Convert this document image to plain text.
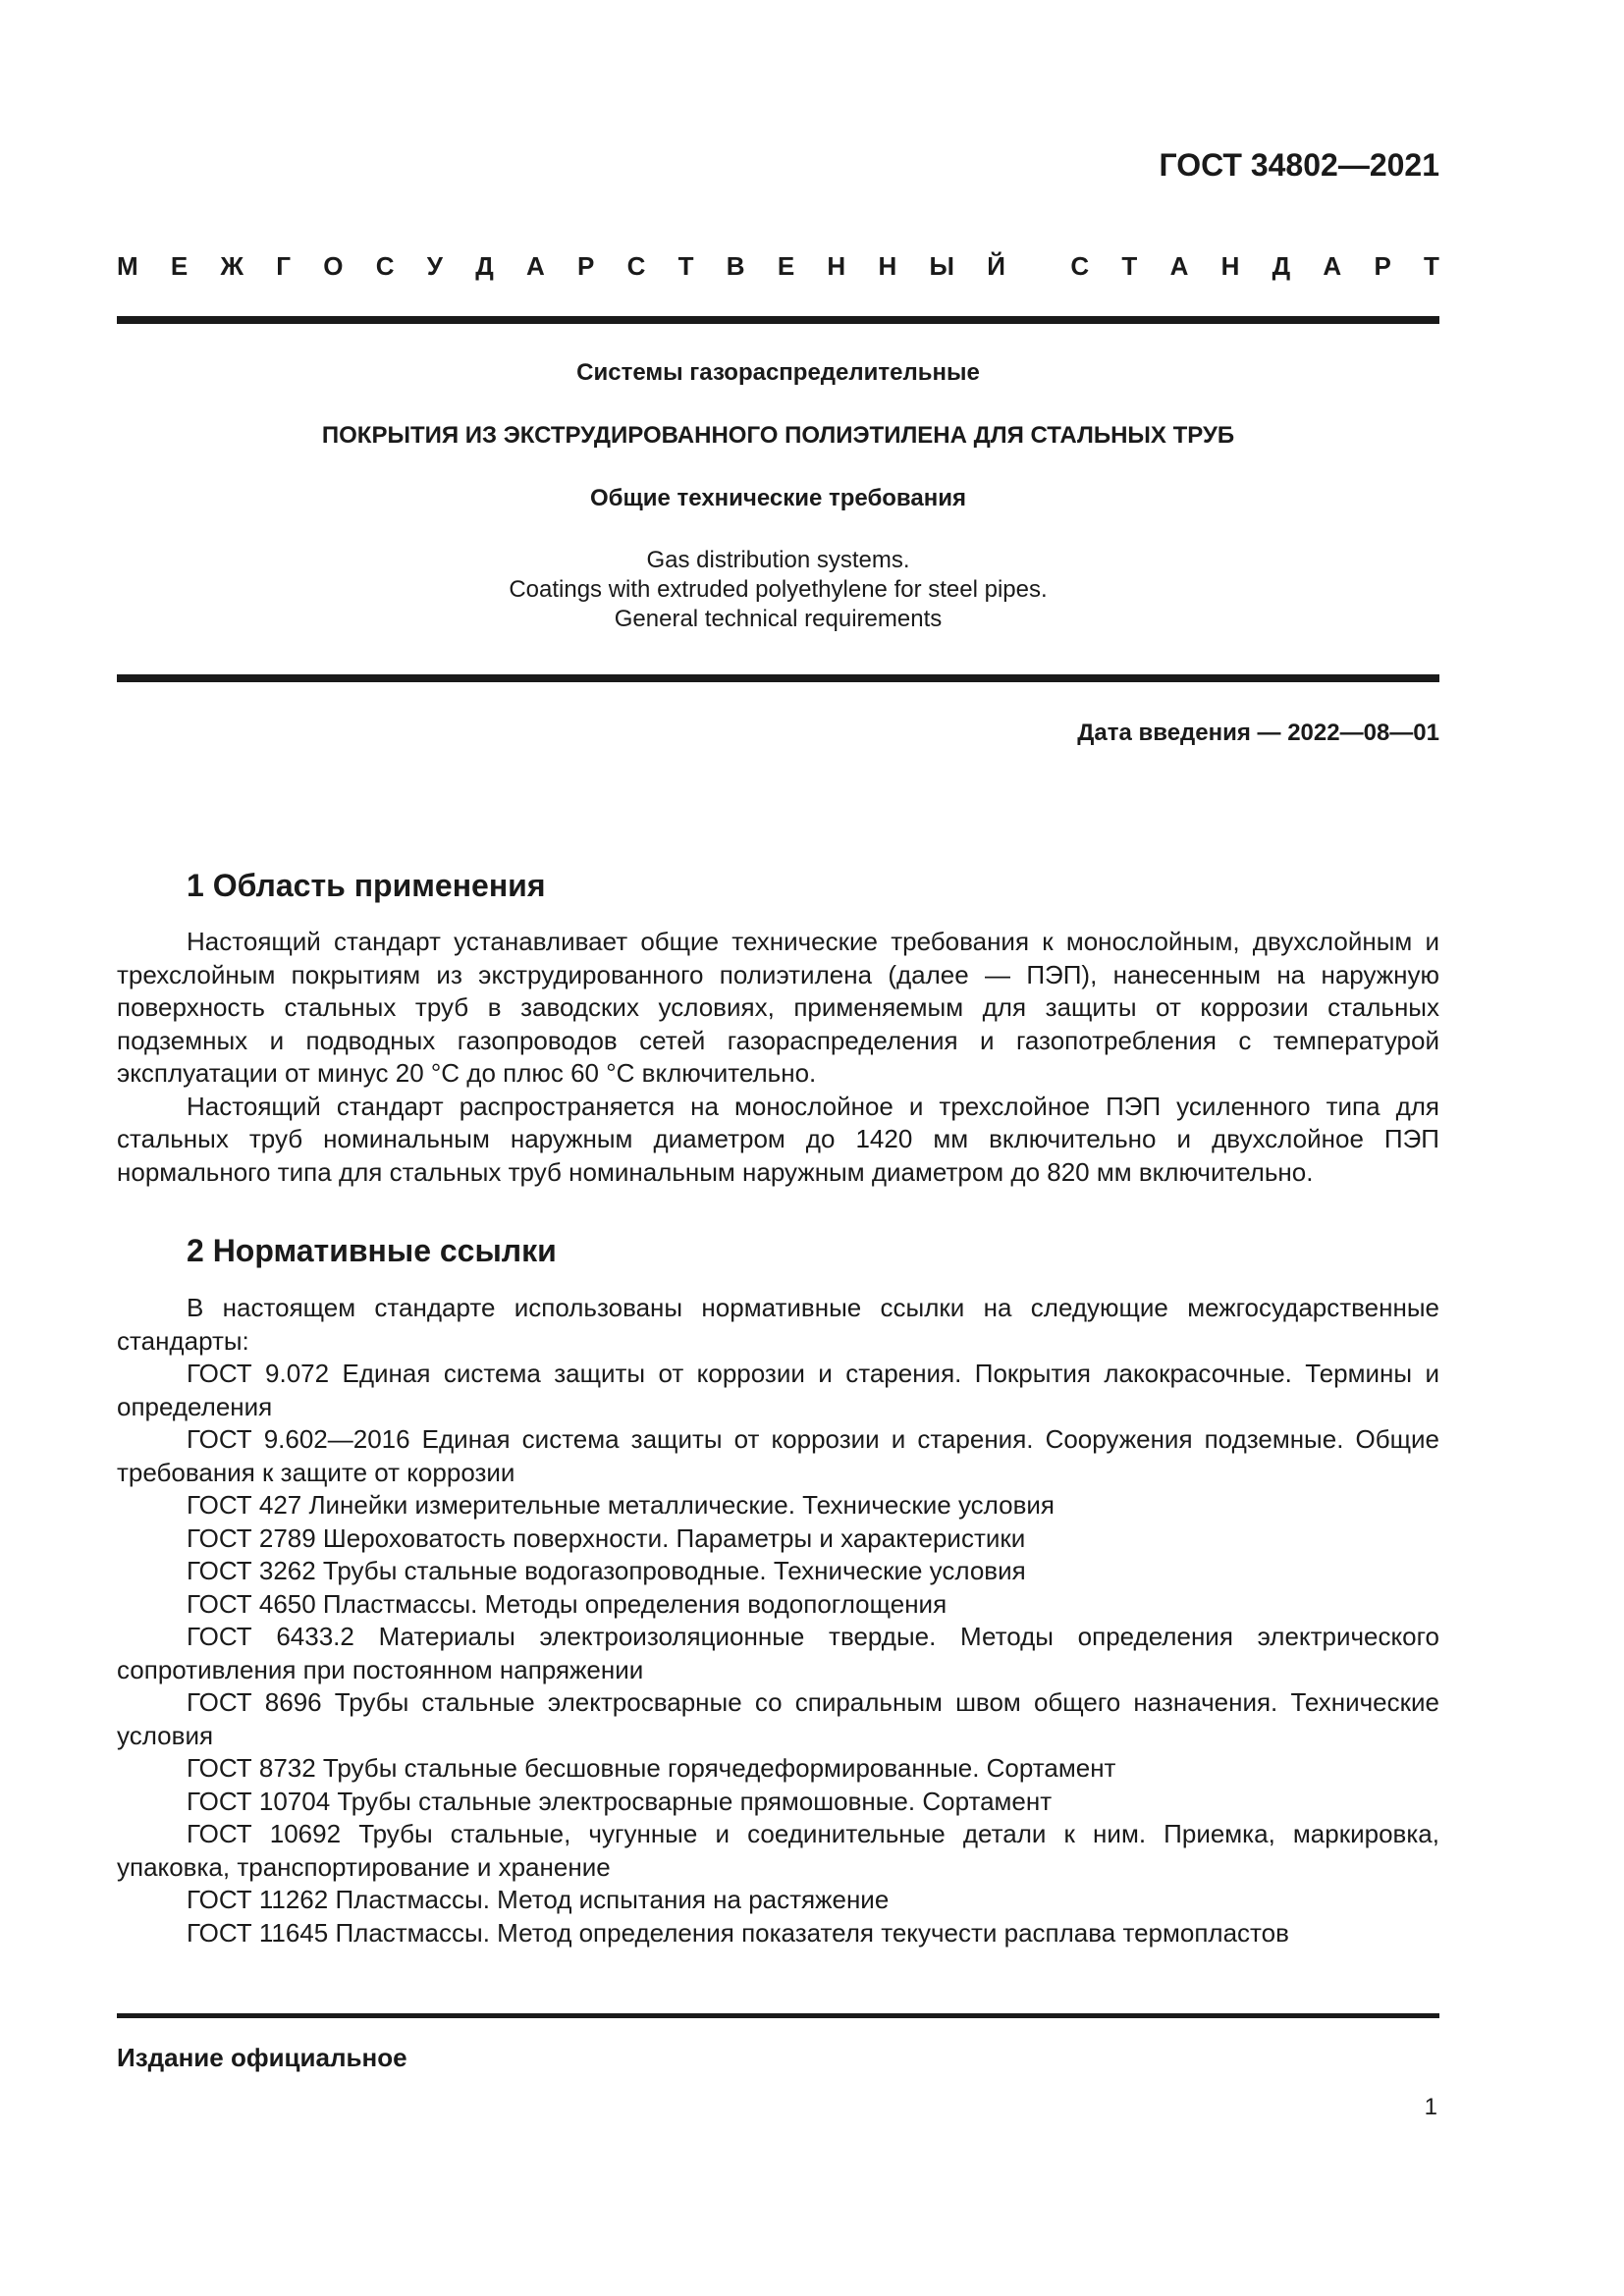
ГОСТ 34802—2021
М Е Ж Г О С У Д А Р С Т В Е Н Н Ы Й	С Т А Н Д А Р Т
Системы газораспределительные
ПОКРЫТИЯ ИЗ ЭКСТРУДИРОВАННОГО ПОЛИЭТИЛЕНА ДЛЯ СТАЛЬНЫХ ТРУБ
Общие технические требования
Gas distribution systems.
Coatings with extruded polyethylene for steel pipes.
General technical requirements
Дата введения — 2022—08—01
1 Область применения

Настоящий стандарт устанавливает общие технические требования к монослойным, двухслойным и трехслойным покрытиям из экструдированного полиэтилена (далее — ПЭП), нанесенным на наружную поверхность стальных труб в заводских условиях, применяемым для защиты от коррозии стальных подземных и подводных газопроводов сетей газораспределения и газопотребления с температурой эксплуатации от минус 20 °С до плюс 60 °С включительно.

Настоящий стандарт распространяется на монослойное и трехслойное ПЭП усиленного типа для стальных труб номинальным наружным диаметром до 1420 мм включительно и двухслойное ПЭП нормального типа для стальных труб номинальным наружным диаметром до 820 мм включительно.

2 Нормативные ссылки

В настоящем стандарте использованы нормативные ссылки на следующие межгосударственные стандарты:

ГОСТ 9.072 Единая система защиты от коррозии и старения. Покрытия лакокрасочные. Термины и определения

ГОСТ 9.602—2016 Единая система защиты от коррозии и старения. Сооружения подземные. Общие требования к защите от коррозии

ГОСТ 427 Линейки измерительные металлические. Технические условия

ГОСТ 2789 Шероховатость поверхности. Параметры и характеристики

ГОСТ 3262 Трубы стальные водогазопроводные. Технические условия

ГОСТ 4650 Пластмассы. Методы определения водопоглощения

ГОСТ 6433.2 Материалы электроизоляционные твердые. Методы определения электрического сопротивления при постоянном напряжении

ГОСТ 8696 Трубы стальные электросварные со спиральным швом общего назначения. Технические условия

ГОСТ 8732 Трубы стальные бесшовные горячедеформированные. Сортамент

ГОСТ 10704 Трубы стальные электросварные прямошовные. Сортамент

ГОСТ 10692 Трубы стальные, чугунные и соединительные детали к ним. Приемка, маркировка, упаковка, транспортирование и хранение

ГОСТ 11262 Пластмассы. Метод испытания на растяжение

ГОСТ 11645 Пластмассы. Метод определения показателя текучести расплава термопластов

Издание официальное
1
